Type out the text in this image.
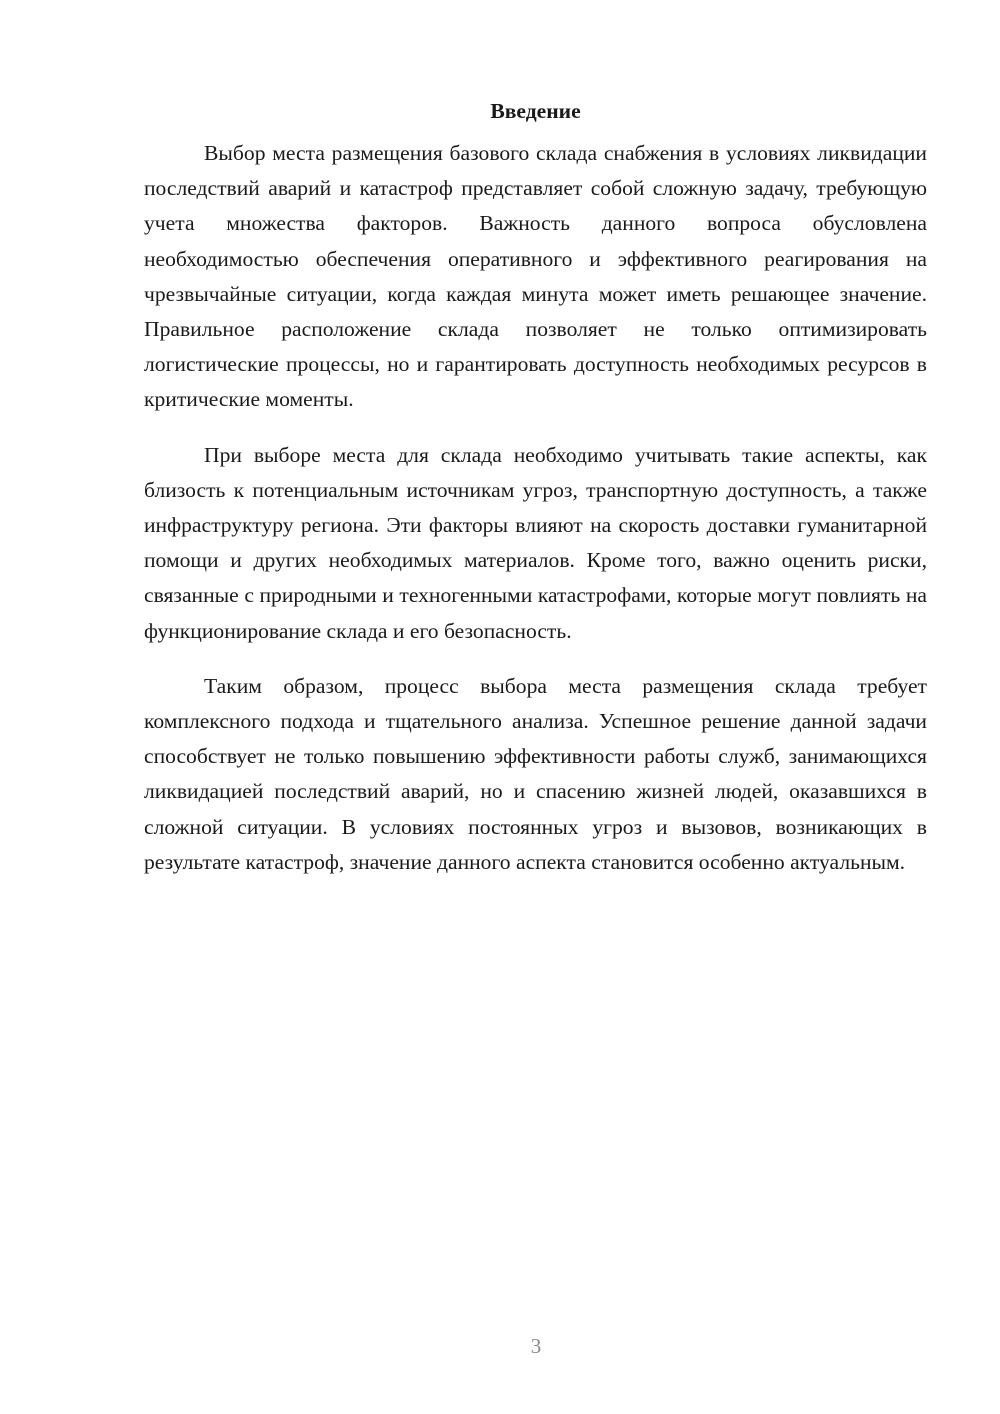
Введение

Выбор места размещения базового склада снабжения в условиях ликвидации последствий аварий и катастроф представляет собой сложную задачу, требующую учета множества факторов. Важность данного вопроса обусловлена необходимостью обеспечения оперативного и эффективного реагирования на чрезвычайные ситуации, когда каждая минута может иметь решающее значение. Правильное расположение склада позволяет не только оптимизировать логистические процессы, но и гарантировать доступность необходимых ресурсов в критические моменты.

При выборе места для склада необходимо учитывать такие аспекты, как близость к потенциальным источникам угроз, транспортную доступность, а также инфраструктуру региона. Эти факторы влияют на скорость доставки гуманитарной помощи и других необходимых материалов. Кроме того, важно оценить риски, связанные с природными и техногенными катастрофами, которые могут повлиять на функционирование склада и его безопасность.

Таким образом, процесс выбора места размещения склада требует комплексного подхода и тщательного анализа. Успешное решение данной задачи способствует не только повышению эффективности работы служб, занимающихся ликвидацией последствий аварий, но и спасению жизней людей, оказавшихся в сложной ситуации. В условиях постоянных угроз и вызовов, возникающих в результате катастроф, значение данного аспекта становится особенно актуальным.

3
